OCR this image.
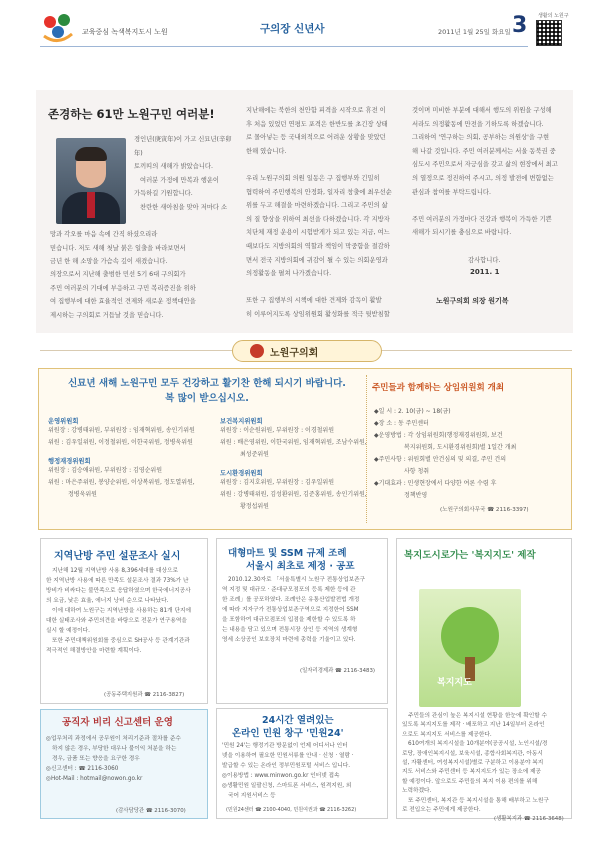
교육중심 녹색복지도시 노원	구의장 신년사	2011년 1월 25일 화요일 3 생활의 노원구
존경하는 61만 노원구민 여러분!
경인년(庚寅年)이 가고 신묘년(辛卯年)
토끼띠의 새해가 밝았습니다.
여러분 가정에 만복과 행운이
가득하길 기원합니다.
찬란한 새아침을 맞아 저마다 소
망과 각오를 마음 속에 간직 하셨으리라
믿습니다. 저도 새해 첫날 붉은 일출을 바라보면서
금년 한 해 소망을 가슴속 깊이 새겼습니다.
의장으로서 지난해 출범한 민선 5기 6대 구의회가
주민 여러분의 기대에 부응하고 구민 복리증진을 위하
여 집행부에 대한 효율적인 견제와 새로운 정책대안을
제시하는 구의회로 거듭날 것을 믿습니다.
지난해에는 북한의 천안함 피격을 시작으로 휴전 이
후 처음 있었던 연평도 포격은 한반도를 초긴장 상태
로 몰아넣는 등 국내외적으로 어려운 상황을 맞았던
한해 였습니다.

우리 노원구의회 의원 일동은 구 집행부와 긴밀히
협력하여 주민행복의 안정화, 일자리 창출에 최우선순
위를 두고 해결을 마련하겠습니다. 그리고 주민의 삶
의 질 향상을 위하여 최선을 다하겠습니다. 각 지방자
치단체 재정 운용이 시험받게가 되고 있는 지금, 여느
때보다도 지방의회의 역할과 책임이 막중함을 절감하
면서 전국 지방의회에 귀감이 될 수 있는 의회운영과
의정활동을 펼쳐 나가겠습니다.

또한 구 집행부의 시책에 대한 견제와 감독이 활발
히 이루어지도록 상임위원회 활성화를 적극 뒷받침할
것이며 미비한 부분에 대해서 행도의 위원을 구성해
서라도 의정활동에 만전을 기하도록 하겠습니다.
그리하여 '연구하는 의회, 공부하는 의원상'을 구현
해 나갈 것입니다. 주민 여러분께서는 서울 동북권 중
심도시 주민으로서 자긍심을 갖고 삶의 현장에서 최고
의 열정으로 정진하여 주시고, 의정 발전에 변함없는
관심과 참여를 부탁드립니다.

주민 여러분의 가정마다 건강과 행복이 가득한 기쁜
새해가 되시기를 충심으로 바랍니다.

감사합니다.
2011. 1
노원구의회 의장 원기복
노원구의회
신묘년 새해 노원구민 모두 건강하고 활기찬 한해 되시기 바랍니다.
복 많이 받으십시오.
운영위원회
위원장 : 강병태위원, 부위원장 : 임재혁위원, 송인기위원
위원 : 김우일위원, 이정철위원, 이한국위원, 정병욱위원
보건복지위원회
위원장 : 이순원위원, 부위원장 : 이경철위원
위원 : 배은영위원, 이한국위원, 임재혁위원, 조남수위원,
최성준위원
행정재경위원회
위원장 : 김승애위원, 부위원장 : 김영순위원
위원 : 마은주위원, 봉양순위원, 이상복위원, 정도열위원,
정병욱위원
도시환경위원회
위원장 : 김지호위원, 부위원장 : 김우일위원
위원 : 강병태위원, 김성환위원, 김준홍위원, 송인기위원,
황정섭위원
주민들과 함께하는 상임위원회 개최
◆일 시 : 2. 10(금) ~ 18(금)
◆장 소 : 동 주민센터
◆운영방법 : 각 상임위원회(행정재경위원회, 보건
복지위원회, 도시환경위원회)별 1일간 개최
◆주민사항 : 위원회별 안건심의 및 의결, 주민 건의
사항 청취
◆기대효과 : 민생현장에서 다양한 여론 수렴 후
정책반영
(노원구의회사무국 ☎ 2116-3397)
지역난방 주민 설문조사 실시
지난해 12월 지역난방 사용 8,396세대를 대상으로
한 지역난방 사용에 따른 만족도 설문조사 결과 73%가 난
방비가 비싸다는 불만족으로 응답하였으며 한국에너지공사
의 요금, 낮은 효율, 에너지 낭비 순으로 나타났다.
이에 대하여 노원구는 지역난방을 사용하는 81개 단지에
대한 실태조사와 주민의견을 바탕으로 전문가 연구용역을
실시 할 예정이다.
또한 주민대책위원회를 중심으로 SH공사 등 관계기관과
적극적인 해결방안을 마련할 계획이다.
(공동주택지원과 ☎ 2116-3827)
공직자 비리 신고센터 운영
◎업무처리 과정에서 공무원이 처리기준과 절차를 준수
하지 않은 경우, 부당한 대우나 불이익 처분을 하는
경우, 금품 또는 향응을 요구한 경우
◎신고센터 : ☎ 2116-3060
◎Hot-Mail : hotmail@nowon.go.kr
(감사담당관 ☎ 2116-3070)
대형마트 및 SSM 규제 조례
서울시 최초로 제정 · 공포
2010.12.30자로 「서울특별시 노원구 전통상업보존구
역 지정 및 대규모 · 준대규모점포의 등록 제한 등에 관
한 조례」를 공포하였다. 조례안은 유통산업발전법 개정
에 따라 지자구가 전통상업보존구역으로 지정한어 SSM
을 포함하여 대규모점포의 입점을 제한할 수 있도록 하
는 내용을 담고 있으며 전통시장 상인 등 지역의 생계형
영세 소상공인 보호장치 마련에 총력을 기울이고 있다.
(일자리경제과 ☎ 2116-3483)
24시간 열려있는
온라인 민원 창구 '민원24'
'민원 24'는 행정기관 방문없이 언제 어디서나 인터
넷을 이용하여 필요한 민원서류를 안내 · 신청 · 열람 ·
발급할 수 있는 온라인 정부민원포털 서비스 입니다.
◎이용방법 : www.minwon.go.kr 인터넷 접속
◎생활민원 일괄신청, 스마트폰 서비스, 원격지원, 외
국어 지원서비스 등
(민원24센터 ☎ 2100-4040, 민원여권과 ☎ 2116-3262)
복지도시로가는 '복지지도' 제작
복지지도
주민들의 관심이 높은 복지시설 현황을 한눈에 확인할 수
있도록 복지지도를 제작 · 배포하고 지난 14일부터 온라인
으로도 복지지도 서비스를 제공한다.
610여개의 복지시설을 10개분야(공공시설, 노인시설/경
로당, 장애인복지시설, 보육시설, 종합사회복지관, 아동시
설, 자활센터, 여성복지시설)별로 구분하고 이용분야 복지
지도 서비스와 주민센터 등 복지지도가 있는 장소에 제공
할 예정이다. 앞으로도 주민들의 복지 이용 편의를 위해
노력하겠다.
또 주민센터, 복지관 등 복지시설을 통해 배부하고 노원구
로 전입오는 주민에게 제공한다.
(생활복지과 ☎ 2116-3648)
